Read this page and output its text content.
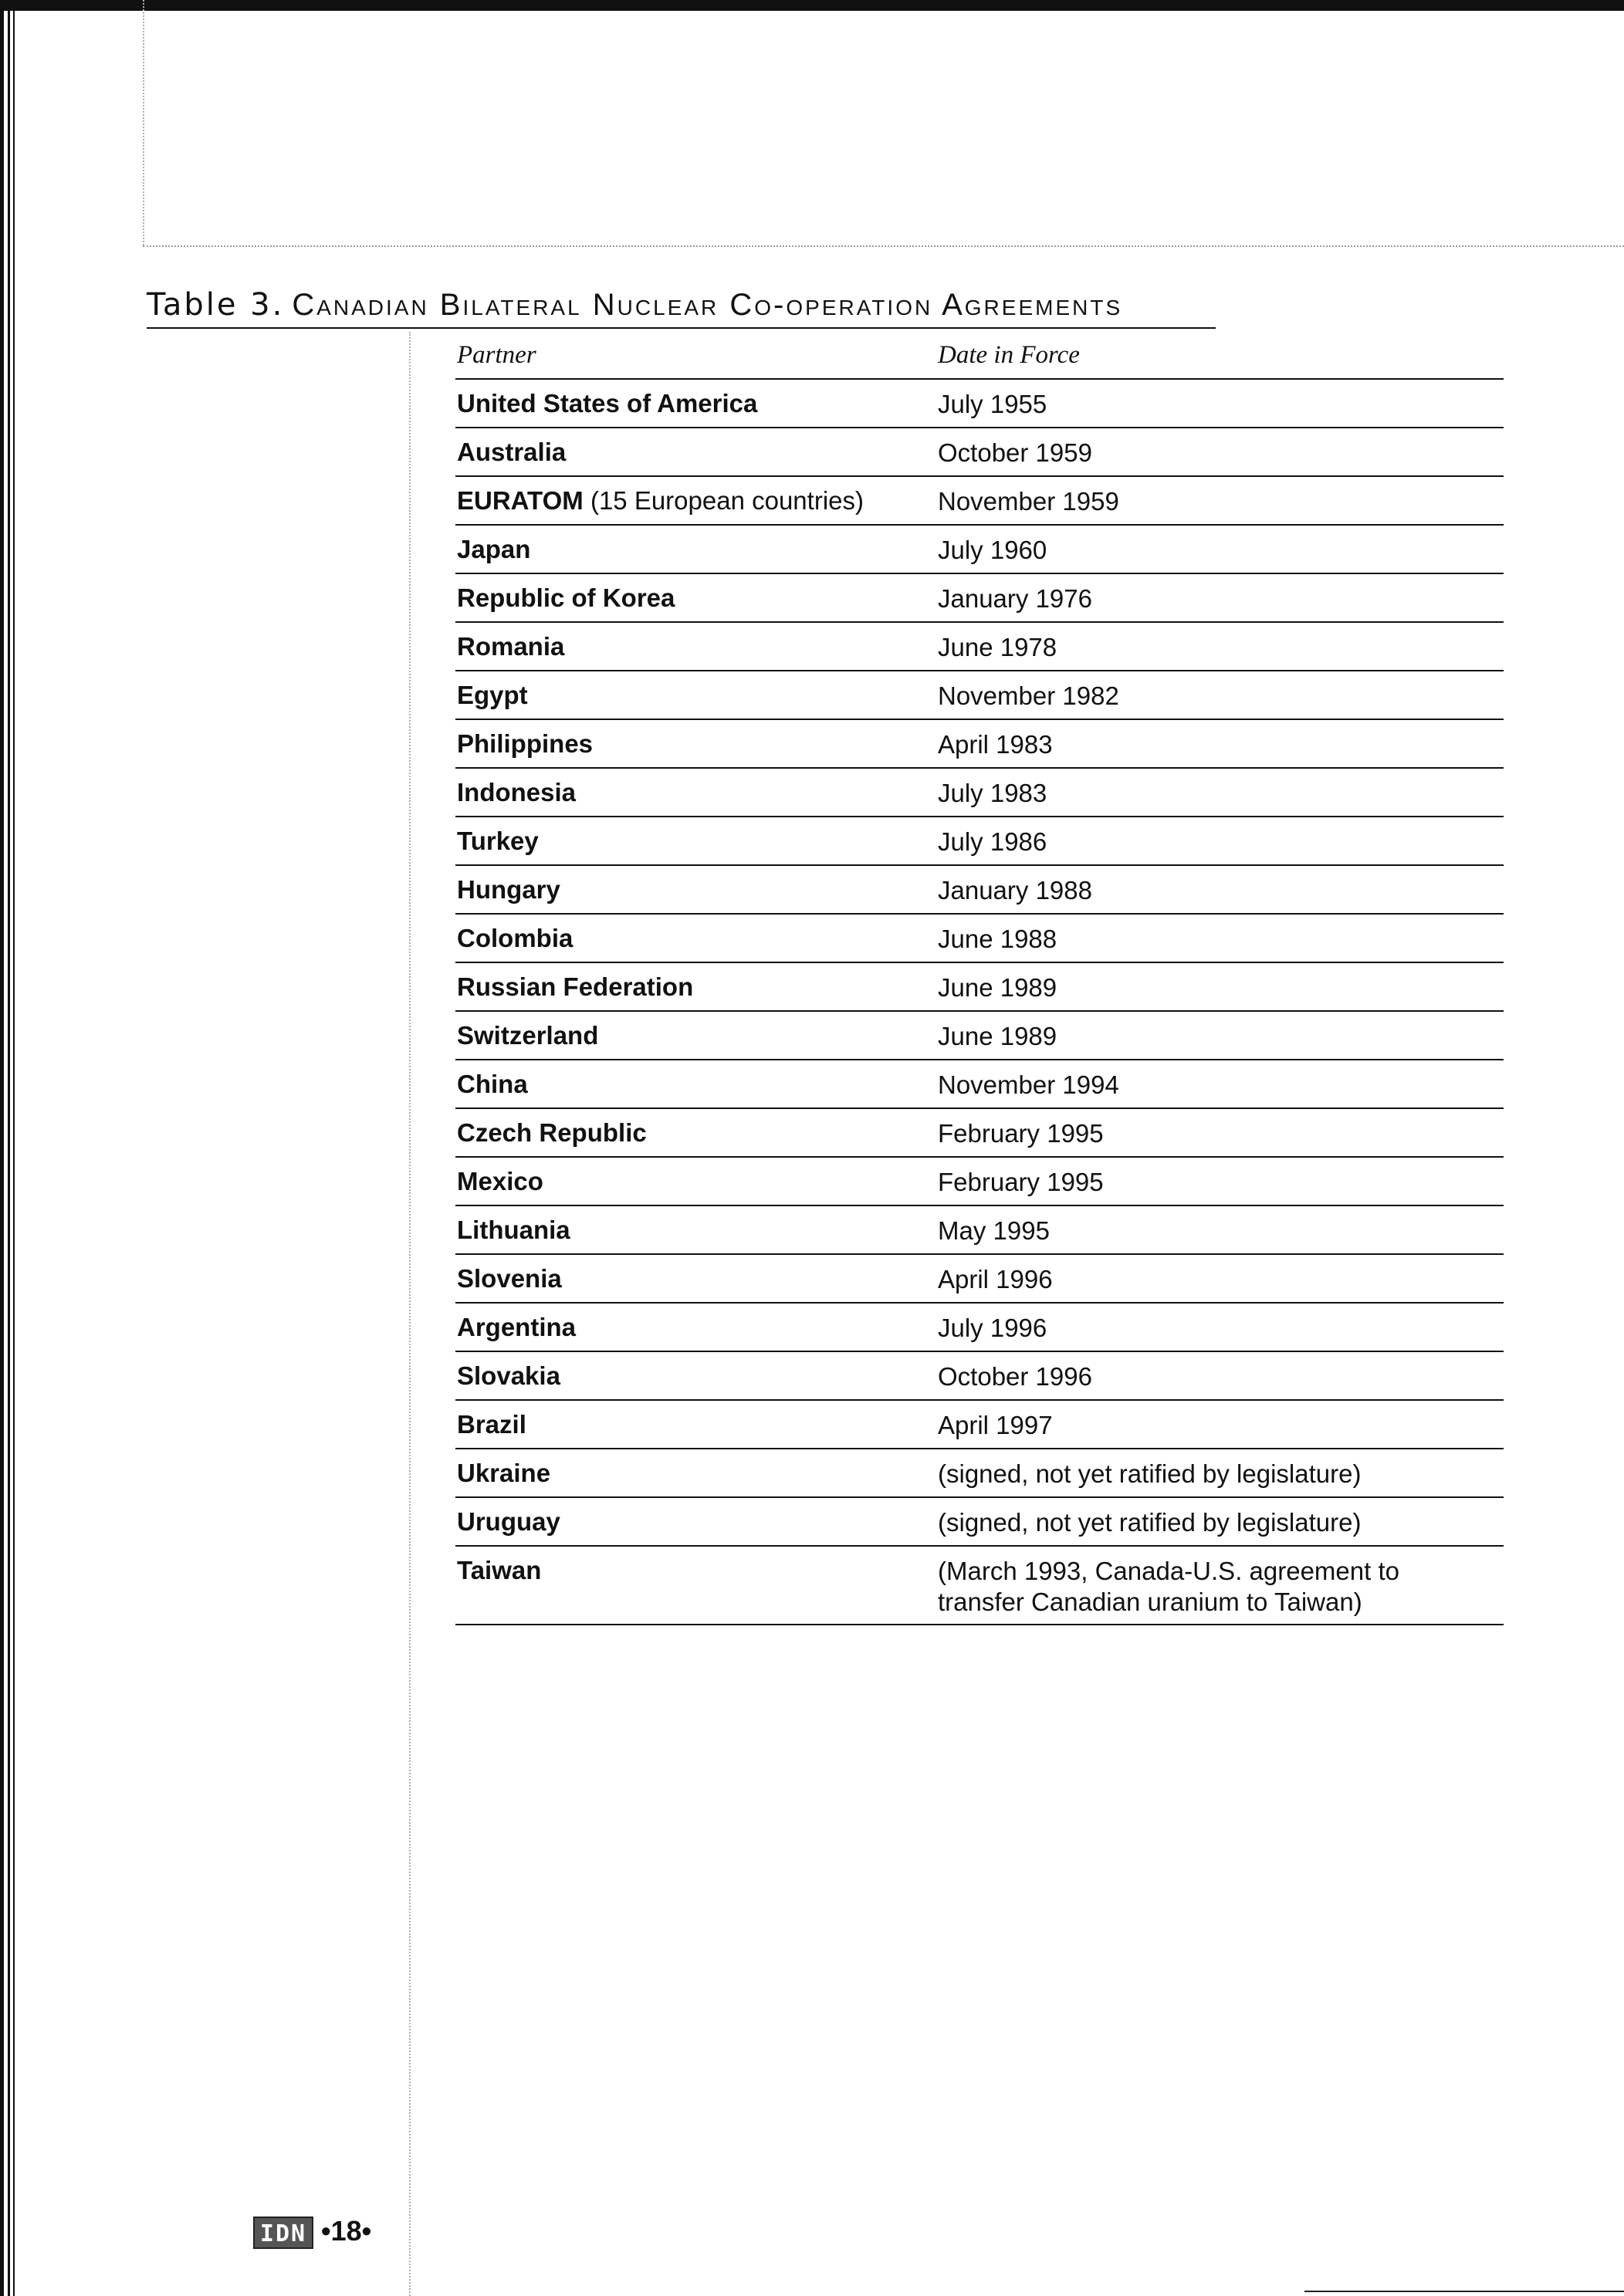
Table 3. Canadian Bilateral Nuclear Co-operation Agreements
Partner	Date in Force
United States of America	July 1955
Australia	October 1959
EURATOM (15 European countries)	November 1959
Japan	July 1960
Republic of Korea	January 1976
Romania	June 1978
Egypt	November 1982
Philippines	April 1983
Indonesia	July 1983
Turkey	July 1986
Hungary	January 1988
Colombia	June 1988
Russian Federation	June 1989
Switzerland	June 1989
China	November 1994
Czech Republic	February 1995
Mexico	February 1995
Lithuania	May 1995
Slovenia	April 1996
Argentina	July 1996
Slovakia	October 1996
Brazil	April 1997
Ukraine	(signed, not yet ratified by legislature)
Uruguay	(signed, not yet ratified by legislature)
Taiwan	(March 1993, Canada-U.S. agreement to transfer Canadian uranium to Taiwan)
IDN •18•
